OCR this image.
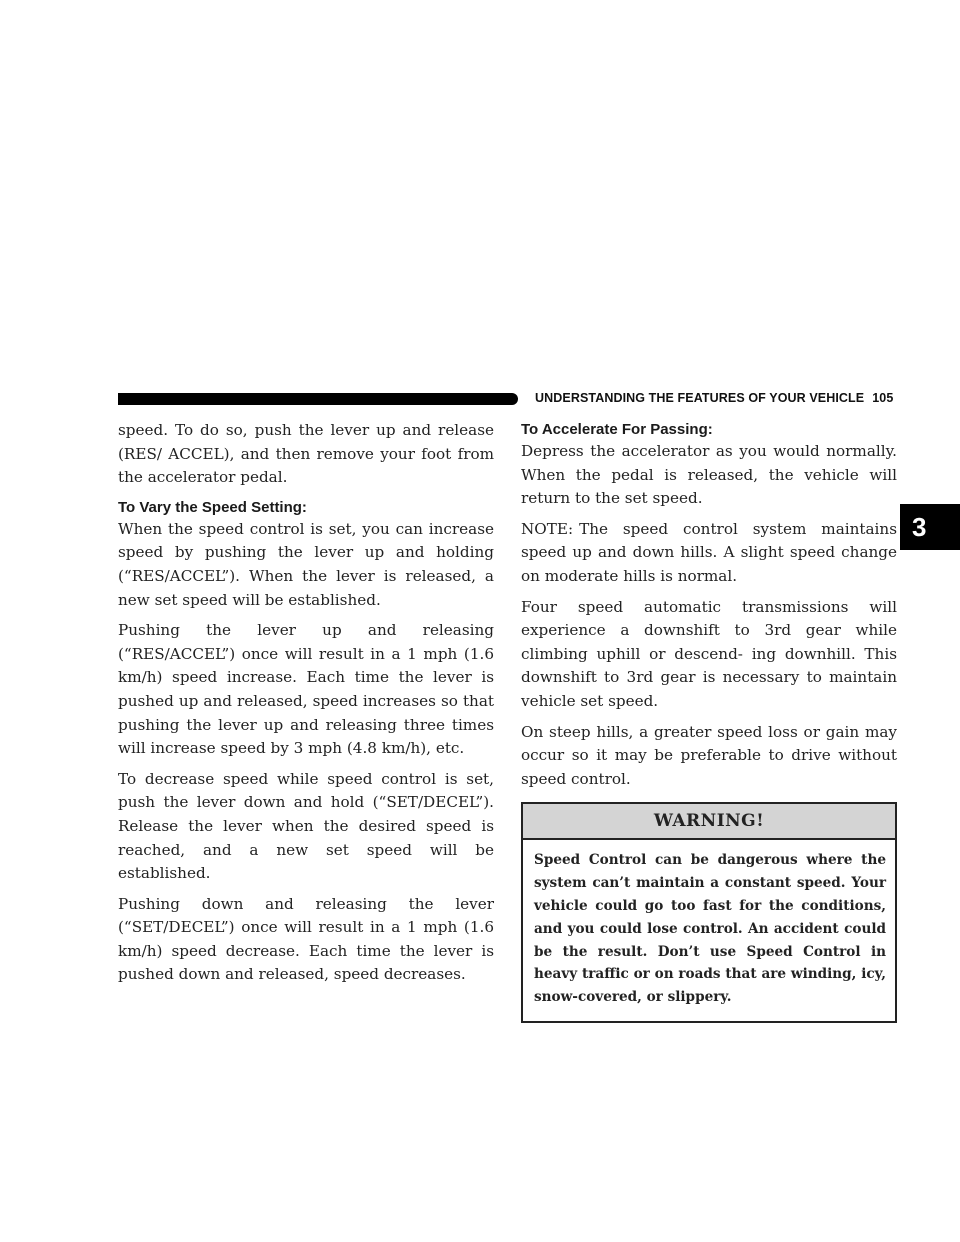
UNDERSTANDING THE FEATURES OF YOUR VEHICLE 105
3

speed. To do so, push the lever up and release (RES/ ACCEL), and then remove your foot from the accelerator pedal.

To Vary the Speed Setting:

When the speed control is set, you can increase speed by pushing the lever up and holding (“RES/ACCEL”). When the lever is released, a new set speed will be established.

Pushing the lever up and releasing (“RES/ACCEL”) once will result in a 1 mph (1.6 km/h) speed increase. Each time the lever is pushed up and released, speed increases so that pushing the lever up and releasing three times will increase speed by 3 mph (4.8 km/h), etc.

To decrease speed while speed control is set, push the lever down and hold (“SET/DECEL”). Release the lever when the desired speed is reached, and a new set speed will be established.

Pushing down and releasing the lever (“SET/DECEL”) once will result in a 1 mph (1.6 km/h) speed decrease. Each time the lever is pushed down and released, speed decreases.

To Accelerate For Passing:

Depress the accelerator as you would normally. When the pedal is released, the vehicle will return to the set speed.

NOTE: The speed control system maintains speed up and down hills. A slight speed change on moderate hills is normal.

Four speed automatic transmissions will experience a downshift to 3rd gear while climbing uphill or descend- ing downhill. This downshift to 3rd gear is necessary to maintain vehicle set speed.

On steep hills, a greater speed loss or gain may occur so it may be preferable to drive without speed control.

WARNING!
Speed Control can be dangerous where the system can’t maintain a constant speed. Your vehicle could go too fast for the conditions, and you could lose control. An accident could be the result. Don’t use Speed Control in heavy traffic or on roads that are winding, icy, snow-covered, or slippery.
